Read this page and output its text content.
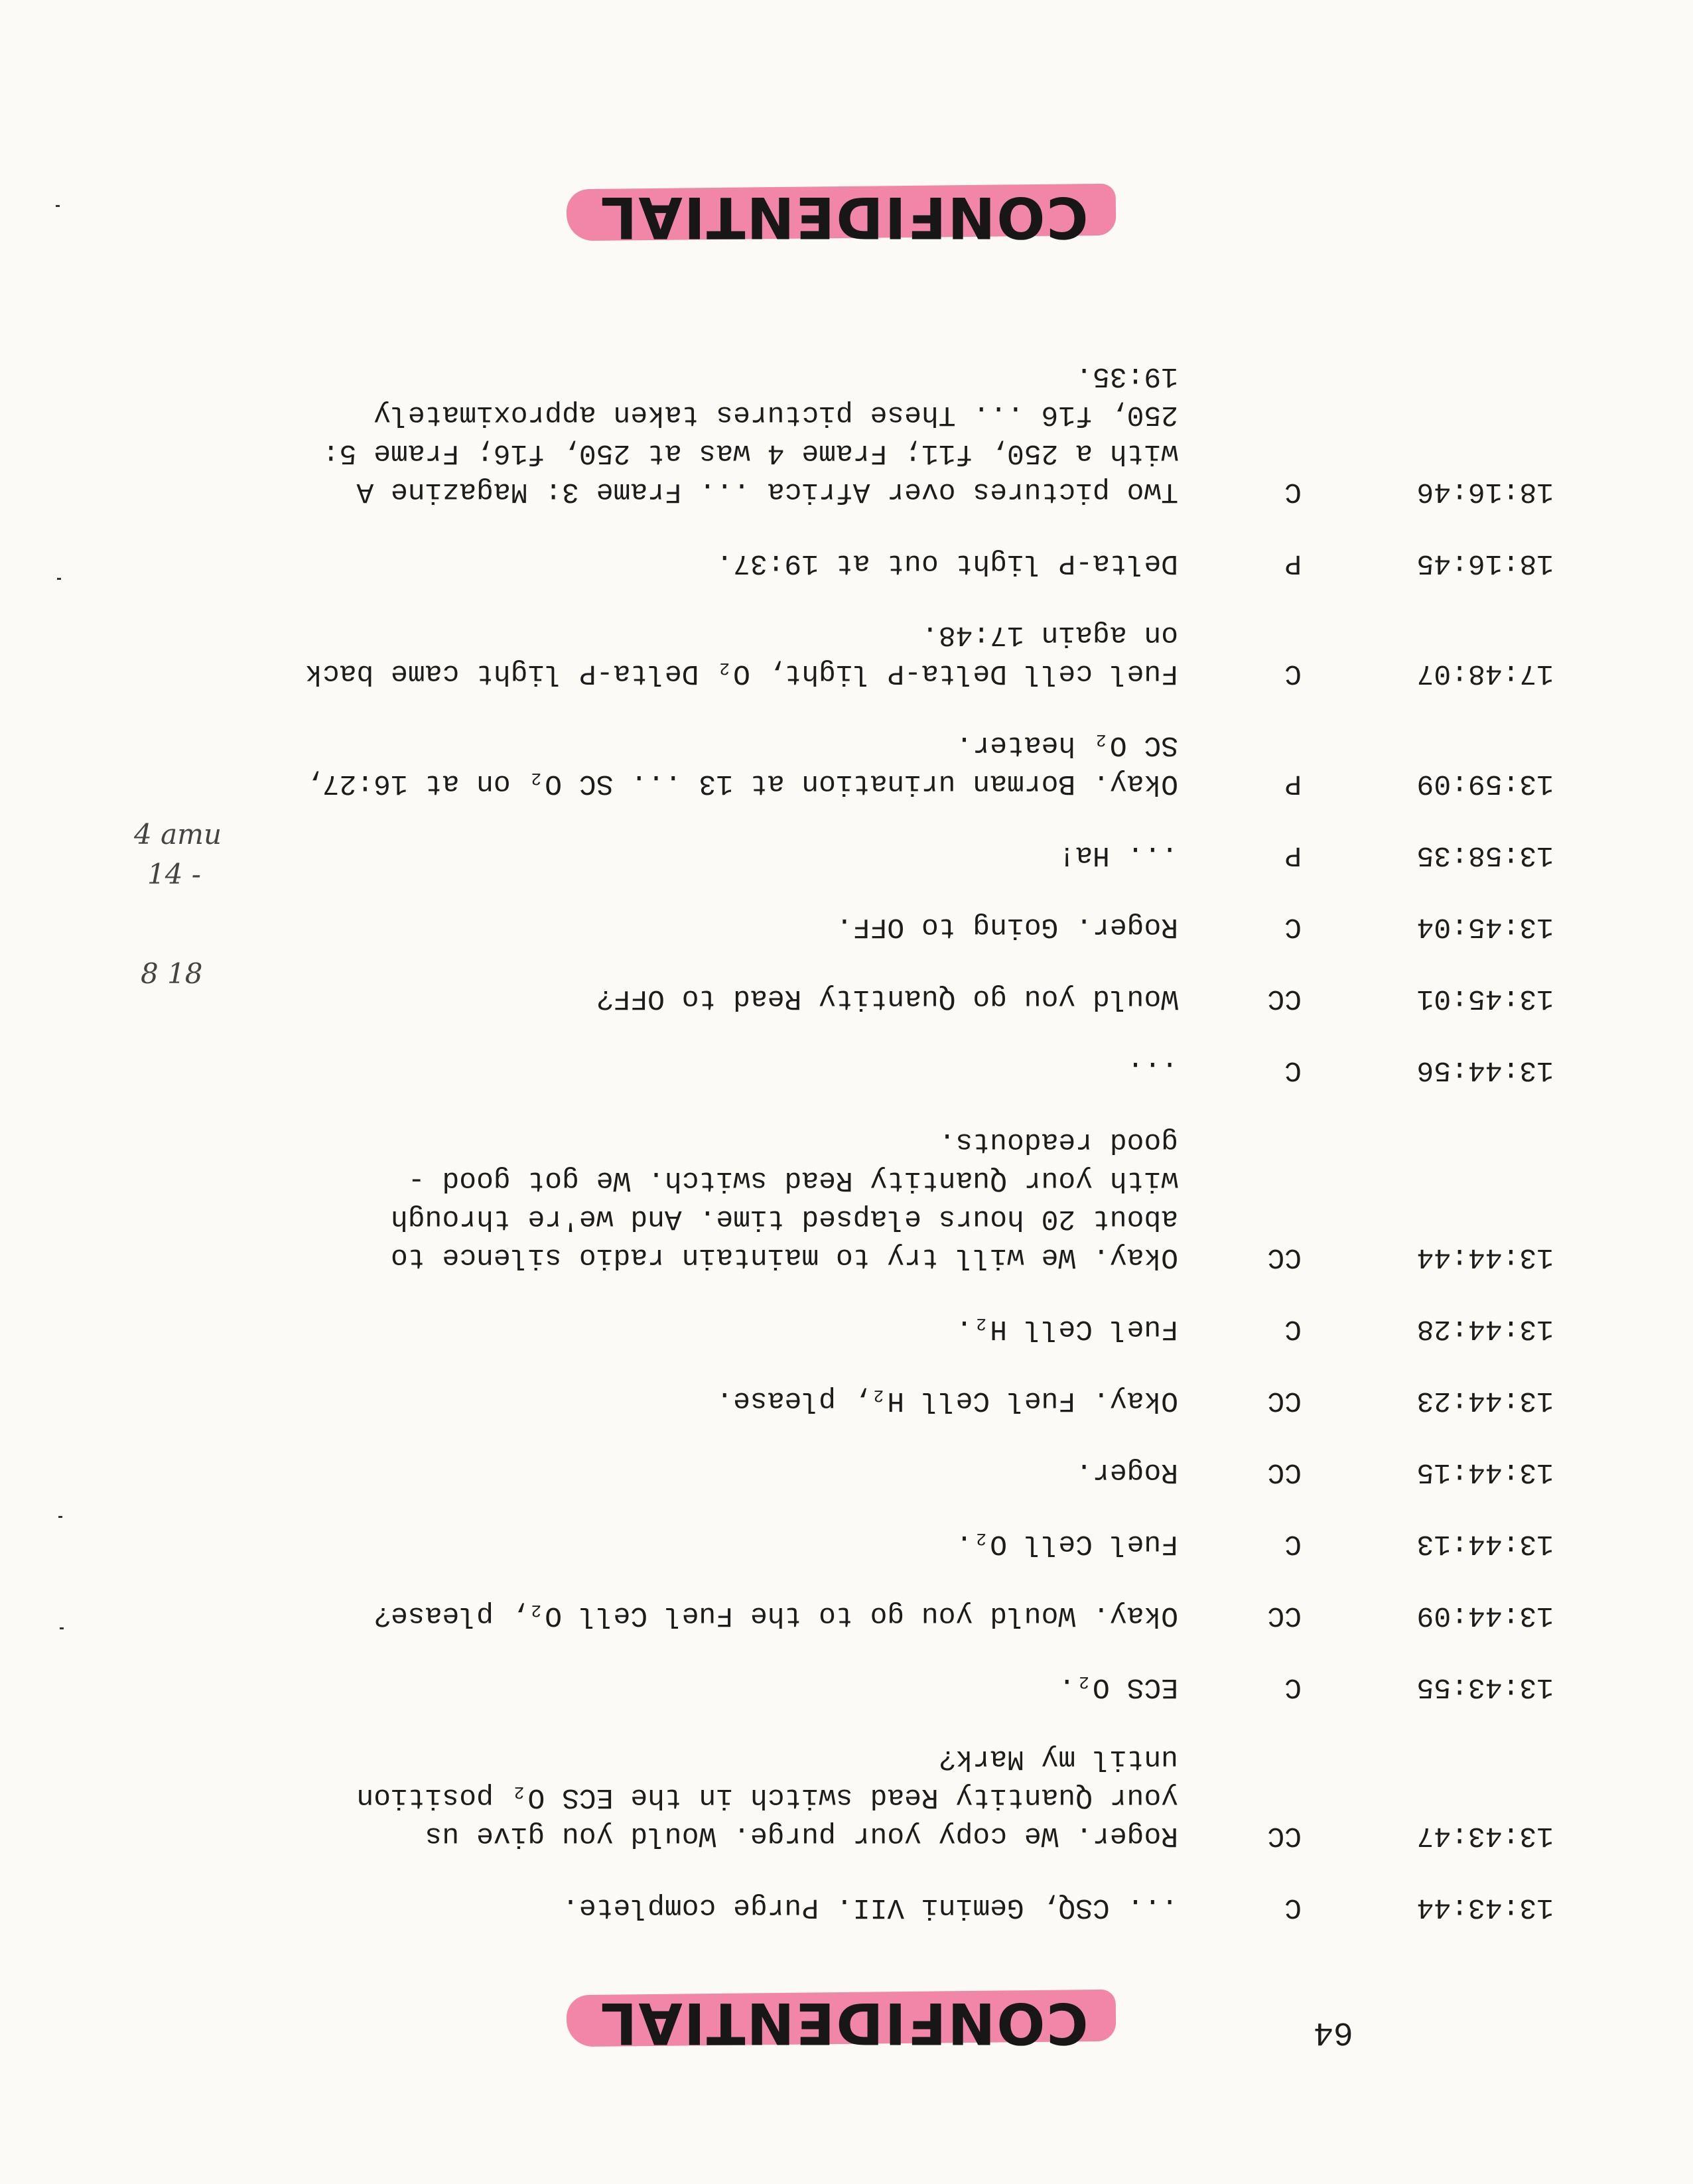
CONFIDENTIAL	64
13:43:44
C
... CSQ, Gemini VII. Purge complete.
13:43:47
CC
Roger. We copy your purge. Would you give us
your Quantity Read switch in the ECS O₂ position
until my Mark?
13:43:55
C
ECS O₂.
13:44:09
CC
Okay. Would you go to the Fuel Cell O₂, please?
13:44:13
C
Fuel Cell O₂.
13:44:15
CC
Roger.
13:44:23
CC
Okay. Fuel Cell H₂, please.
13:44:28
C
Fuel Cell H₂.
13:44:44
CC
Okay. We will try to maintain radio silence to
about 20 hours elapsed time. And we're through
with your Quantity Read switch. We got good -
good readouts.
13:44:56
C
...
13:45:01
CC
Would you go Quantity Read to OFF?
13:45:04
C
Roger. Going to OFF.
13:58:35
P
... Ha!
13:59:09
P
Okay. Borman urination at 13 ... SC O₂ on at 16:27,
SC O₂ heater.
17:48:07
C
Fuel cell Delta-P light, O₂ Delta-P light came back
on again 17:48.
18:16:45
P
Delta-P light out at 19:37.
18:16:46
C
Two pictures over Africa ... Frame 3: Magazine A
with a 250, f11; Frame 4 was at 250, f16; Frame 5:
250, f16 ... These pictures taken approximately
19:35.
CONFIDENTIAL
4 amu
14 -
8 18
